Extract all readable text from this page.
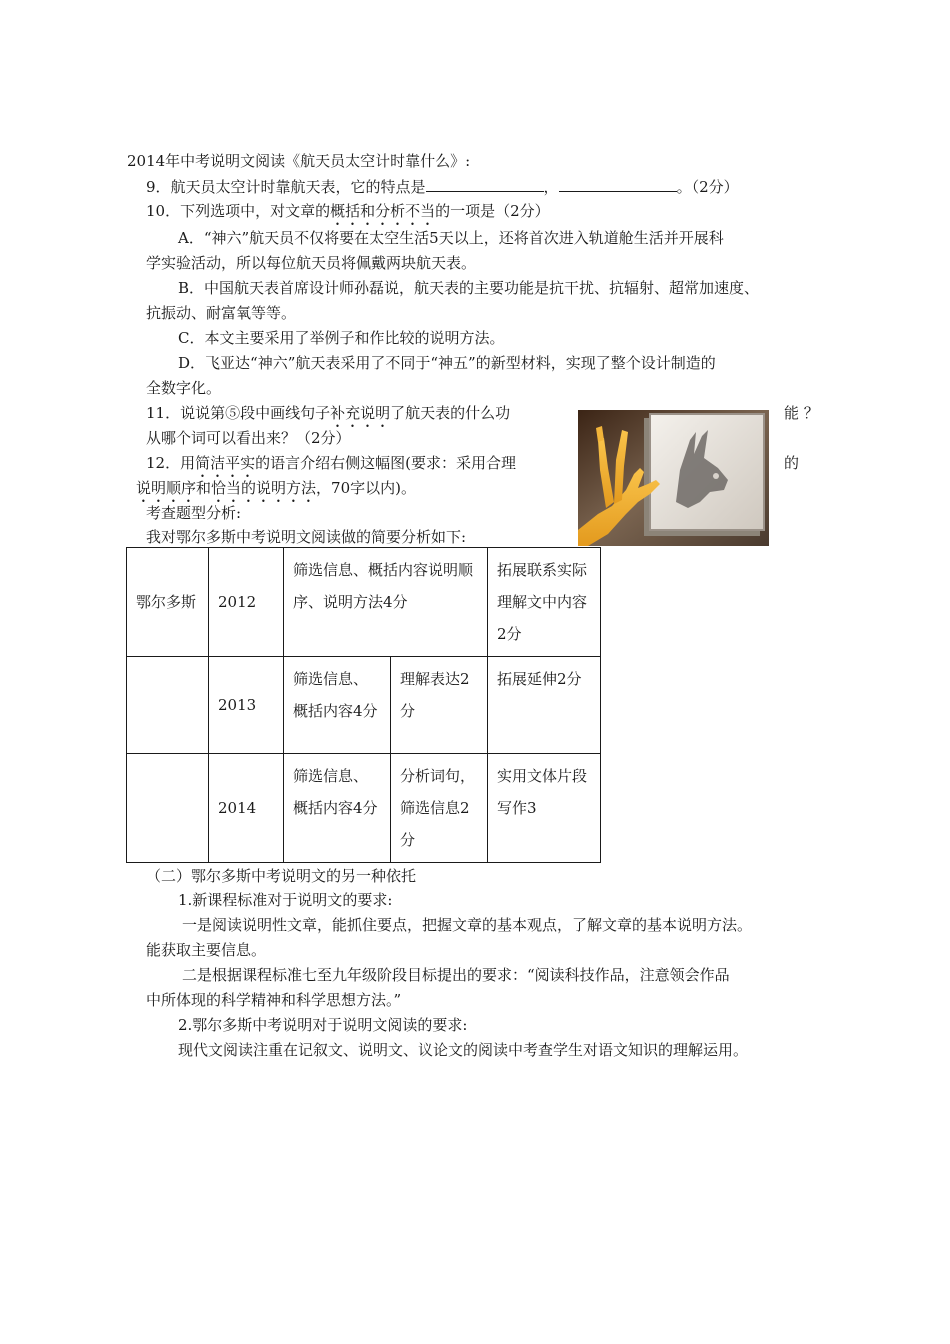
2014年中考说明文阅读《航天员太空计时靠什么》:
9．航天员太空计时靠航天表，它的特点是	，	。（2分）
10．下列选项中，对文章的概括和分析不当的一项是（2分）
A．“神六”航天员不仅将要在太空生活5天以上，还将首次进入轨道舱生活并开展科
学实验活动，所以每位航天员将佩戴两块航天表。
B．中国航天表首席设计师孙磊说，航天表的主要功能是抗干扰、抗辐射、超常加速度、
抗振动、耐富氧等等。
C．本文主要采用了举例子和作比较的说明方法。
D．飞亚达“神六”航天表采用了不同于“神五”的新型材料，实现了整个设计制造的
全数字化。
11．说说第⑤段中画线句子补充说明了航天表的什么功	能 ？
从哪个词可以看出来？（2分）
12．用简洁平实的语言介绍右侧这幅图(要求：采用合理	的
说明顺序和恰当的说明方法，70字以内)。
考查题型分析:
我对鄂尔多斯中考说明文阅读做的简要分析如下:
鄂尔多斯	2012	筛选信息、概括内容说明顺序、说明方法4分		拓展联系实际理解文中内容2分
	2013	筛选信息、概括内容4分	理解表达2分	拓展延伸2分
	2014	筛选信息、概括内容4分	分析词句，筛选信息2分	实用文体片段写作3
（二）鄂尔多斯中考说明文的另一种依托
1.新课程标准对于说明文的要求:
一是阅读说明性文章，能抓住要点，把握文章的基本观点，了解文章的基本说明方法。
能获取主要信息。
二是根据课程标准七至九年级阶段目标提出的要求：“阅读科技作品，注意领会作品
中所体现的科学精神和科学思想方法。”
2.鄂尔多斯中考说明对于说明文阅读的要求:
现代文阅读注重在记叙文、说明文、议论文的阅读中考查学生对语文知识的理解运用。
